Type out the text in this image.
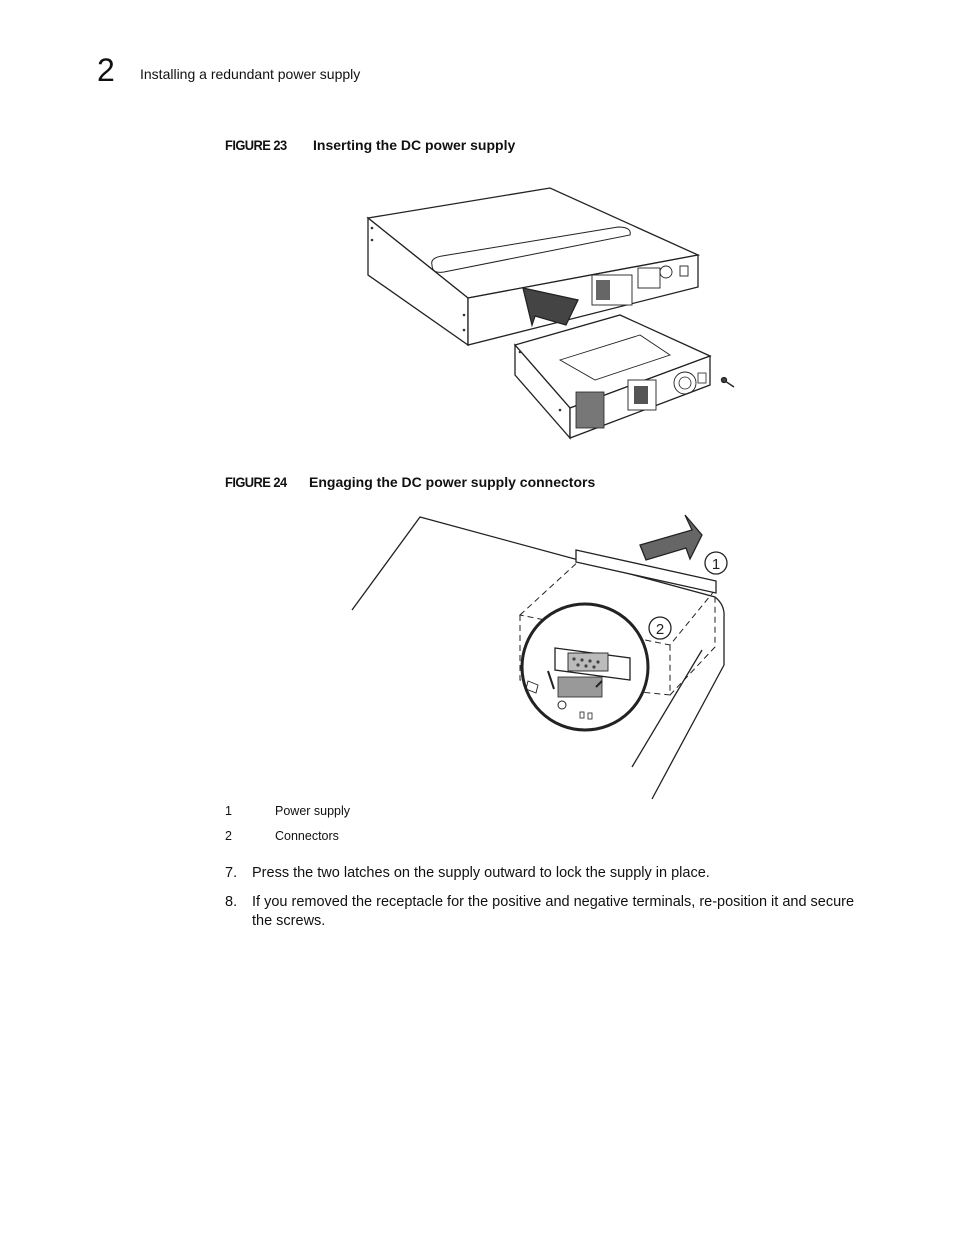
2 Installing a redundant power supply
FIGURE 23 Inserting the DC power supply
FIGURE 24 Engaging the DC power supply connectors
1
2
1	Power supply
2	Connectors
7. Press the two latches on the supply outward to lock the supply in place.
8. If you removed the receptacle for the positive and negative terminals, re-position it and secure the screws.
